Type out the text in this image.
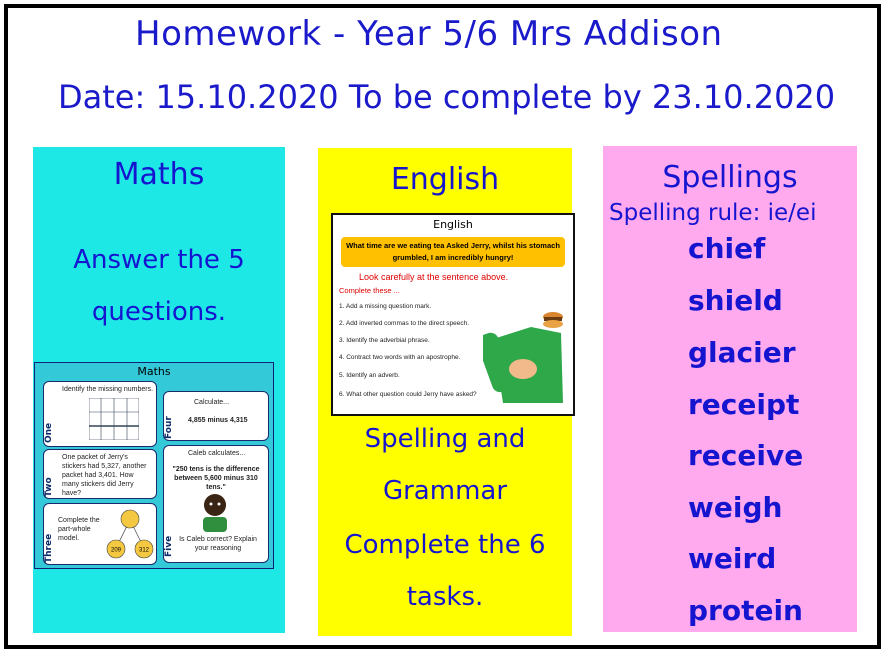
Homework - Year 5/6 Mrs Addison
Date: 15.10.2020 To be complete by 23.10.2020
Maths
Answer the 5
questions.
Maths
Identify the missing numbers.
One
Calculate...
4,855 minus 4,315
Four
One packet of Jerry's stickers had 5,327, another packet had 3,401. How many stickers did Jerry have?
Two
Caleb calculates...
"250 tens is the difference between 5,600 minus 310 tens."
Is Caleb correct? Explain your reasoning
Five
Complete the part-whole model.
209	312
Three
English
Spelling and
Grammar
Complete the 6
tasks.
English
What time are we eating tea Asked Jerry, whilst his stomach grumbled, I am incredibly hungry!
Look carefully at the sentence above.
Complete these ...
1. Add a missing question mark.
2. Add inverted commas to the direct speech.
3. Identify the adverbial phrase.
4. Contract two words with an apostrophe.
5. Identify an adverb.
6. What other question could Jerry have asked?
Spellings
Spelling rule: ie/ei
chief
shield
glacier
receipt
receive
weigh
weird
protein
